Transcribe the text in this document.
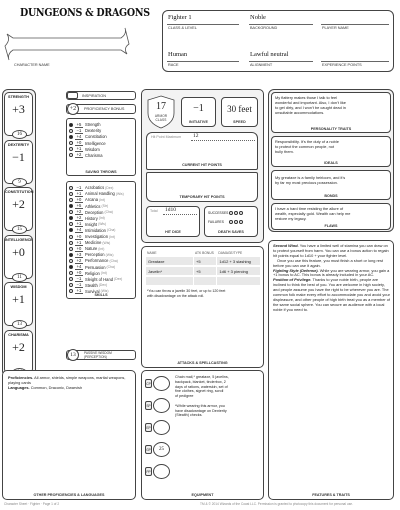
DUNGEONS & DRAGONS
CHARACTER NAME
Fighter 1
CLASS & LEVEL
Noble
BACKGROUND	PLAYER NAME
Human
RACE
Lawful neutral
ALIGNMENT	EXPERIENCE POINTS
STRENGTH
+3
16
DEXTERITY
−1
9
CONSTITUTION
+2
15
INTELLIGENCE
+0
11
WISDOM
+1
13
CHARISMA
+2
INSPIRATION
+2	PROFICIENCY BONUS
+5 Strength
−1 Dexterity
+4 Constitution
+0 Intelligence
+1 Wisdom
+2 Charisma
SAVING THROWS
−1 Acrobatics (Dex)
+1 Animal Handling (Wis)
+0 Arcana (Int)
+5 Athletics (Str)
+2 Deception (Cha)
+2 History (Int)
+1 Insight (Wis)
+4 Intimidation (Cha)
+0 Investigation (Int)
+1 Medicine (Wis)
+0 Nature (Int)
+3 Perception (Wis)
+2 Performance (Cha)
+4 Persuasion (Cha)
+0 Religion (Int)
−1 Sleight of Hand (Dex)
−1 Stealth (Dex)
+1 Survival (Wis)
SKILLS
13	PASSIVE WISDOM (PERCEPTION)
Proficiencies. All armor, shields, simple weapons, martial weapons, playing cards
Languages. Common, Draconic, Dwarvish
OTHER PROFICIENCIES & LANGUAGES
17
ARMOR CLASS
−1
INITIATIVE
30 feet
SPEED
Hit Point Maximum 12
CURRENT HIT POINTS
TEMPORARY HIT POINTS
Total 1d10
HIT DICE
SUCCESSES
FAILURES
DEATH SAVES
NAME	ATK BONUS	DAMAGE/TYPE
Greataxe	+5	1d12 + 3 slashing
Javelin*	+5	1d6 + 3 piercing

*You can throw a javelin 30 feet, or up to 120 feet
with disadvantage on the attack roll.
ATTACKS & SPELLCASTING
CP
SP
EP
GP	25
PP
Chain mail,* greataxe, 5 javelins,
backpack, blanket, tinderbox, 2
days of rations, waterskin, set of
fine clothes, signet ring, scroll
of pedigree

*While wearing this armor, you
have disadvantage on Dexterity
(Stealth) checks.
EQUIPMENT
My flattery makes those I talk to feel
wonderful and important. Also, I don’t like
to get dirty, and I won’t be caught dead in
unsuitable accommodations.
PERSONALITY TRAITS
Responsibility. It’s the duty of a noble
to protect the common people, not
bully them.
IDEALS
My greataxe is a family heirloom, and it’s
by far my most precious possession.
BONDS
I have a hard time resisting the allure of
wealth, especially gold. Wealth can help me
restore my legacy.
FLAWS

Second Wind. You have a limited well of stamina you can draw on to protect yourself from harm. You can use a bonus action to regain hit points equal to 1d10 + your fighter level.

Once you use this feature, you must finish a short or long rest before you can use it again.

Fighting Style (Defense). While you are wearing armor, you gain a +1 bonus to AC. This bonus is already included in your AC.

Position of Privilege. Thanks to your noble birth, people are inclined to think the best of you. You are welcome in high society, and people assume you have the right to be wherever you are. The common folk make every effort to accommodate you and avoid your displeasure, and other people of high birth treat you as a member of the same social sphere. You can secure an audience with a local noble if you need to.

FEATURES & TRAITS
Character Sheet · Fighter · Page 1 of 2	TM & © 2014 Wizards of the Coast LLC. Permission is granted to photocopy this document for personal use.
